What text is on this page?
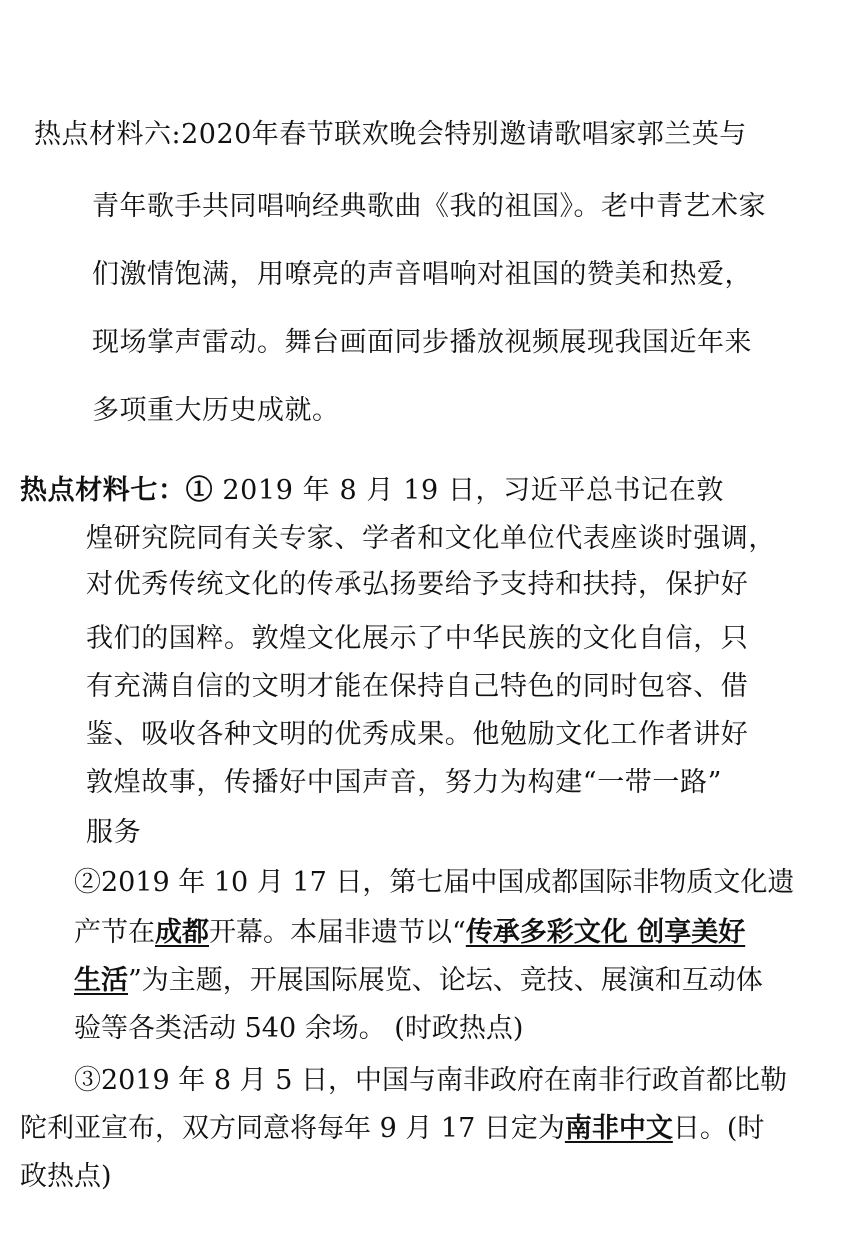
热点材料六:2020年春节联欢晚会特别邀请歌唱家郭兰英与
青年歌手共同唱响经典歌曲《我的祖国》。老中青艺术家
们激情饱满，用嘹亮的声音唱响对祖国的赞美和热爱，
现场掌声雷动。舞台画面同步播放视频展现我国近年来
多项重大历史成就。
热点材料七：① 2019 年 8 月 19 日，习近平总书记在敦
煌研究院同有关专家、学者和文化单位代表座谈时强调，
对优秀传统文化的传承弘扬要给予支持和扶持，保护好
我们的国粹。敦煌文化展示了中华民族的文化自信，只
有充满自信的文明才能在保持自己特色的同时包容、借
鉴、吸收各种文明的优秀成果。他勉励文化工作者讲好
敦煌故事，传播好中国声音，努力为构建“一带一路”
服务
②2019 年 10 月 17 日，第七届中国成都国际非物质文化遗
产节在成都开幕。本届非遗节以“传承多彩文化 创享美好
生活”为主题，开展国际展览、论坛、竞技、展演和互动体
验等各类活动 540 余场。 (时政热点)
③2019 年 8 月 5 日，中国与南非政府在南非行政首都比勒
陀利亚宣布，双方同意将每年 9 月 17 日定为南非中文日。(时
政热点)
